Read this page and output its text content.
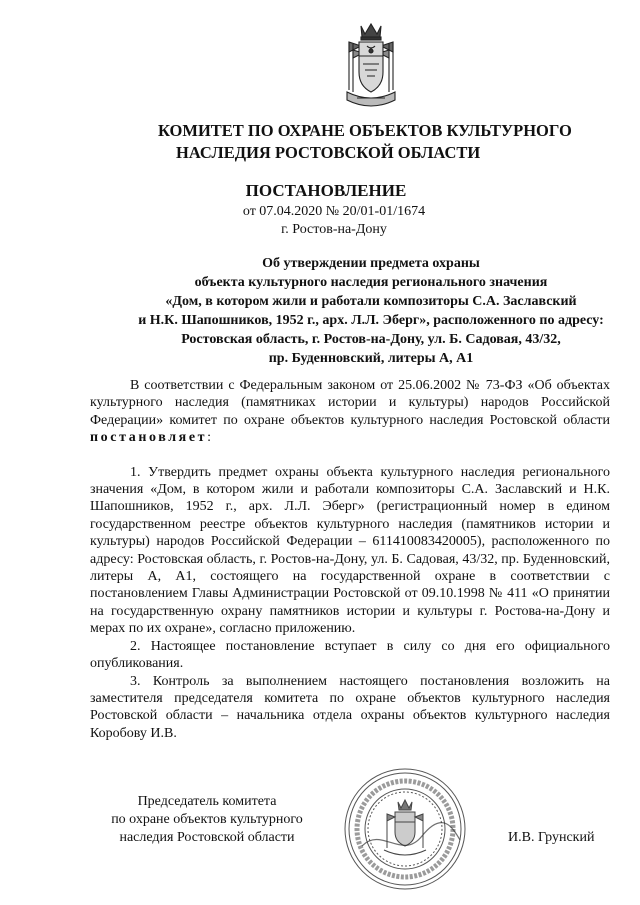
КОМИТЕТ ПО ОХРАНЕ ОБЪЕКТОВ КУЛЬТУРНОГО
НАСЛЕДИЯ РОСТОВСКОЙ ОБЛАСТИ
ПОСТАНОВЛЕНИЕ
от 07.04.2020 № 20/01-01/1674
г. Ростов-на-Дону
Об утверждении предмета охраны
объекта культурного наследия регионального значения
«Дом, в котором жили и работали композиторы С.А. Заславский
и Н.К. Шапошников, 1952 г., арх. Л.Л. Эберг», расположенного по адресу:
Ростовская область, г. Ростов-на-Дону, ул. Б. Садовая, 43/32,
пр. Буденновский, литеры А, А1

В соответствии с Федеральным законом от 25.06.2002 № 73-ФЗ «Об объектах культурного наследия (памятниках истории и культуры) народов Российской Федерации» комитет по охране объектов культурного наследия Ростовской области постановляет:

1. Утвердить предмет охраны объекта культурного наследия регионального значения «Дом, в котором жили и работали композиторы С.А. Заславский и Н.К. Шапошников, 1952 г., арх. Л.Л. Эберг» (регистрационный номер в едином государственном реестре объектов культурного наследия (памятников истории и культуры) народов Российской Федерации – 611410083420005), расположенного по адресу: Ростовская область, г. Ростов-на-Дону, ул. Б. Садовая, 43/32, пр. Буденновский, литеры А, А1, состоящего на государственной охране в соответствии с постановлением Главы Администрации Ростовской от 09.10.1998 № 411 «О принятии на государственную охрану памятников истории и культуры г. Ростова-на-Дону и мерах по их охране», согласно приложению.

2. Настоящее постановление вступает в силу со дня его официального опубликования.

3. Контроль за выполнением настоящего постановления возложить на заместителя председателя комитета по охране объектов культурного наследия Ростовской области – начальника отдела охраны объектов культурного наследия Коробову И.В.

Председатель комитета
по охране объектов культурного
наследия Ростовской области	И.В. Грунский
